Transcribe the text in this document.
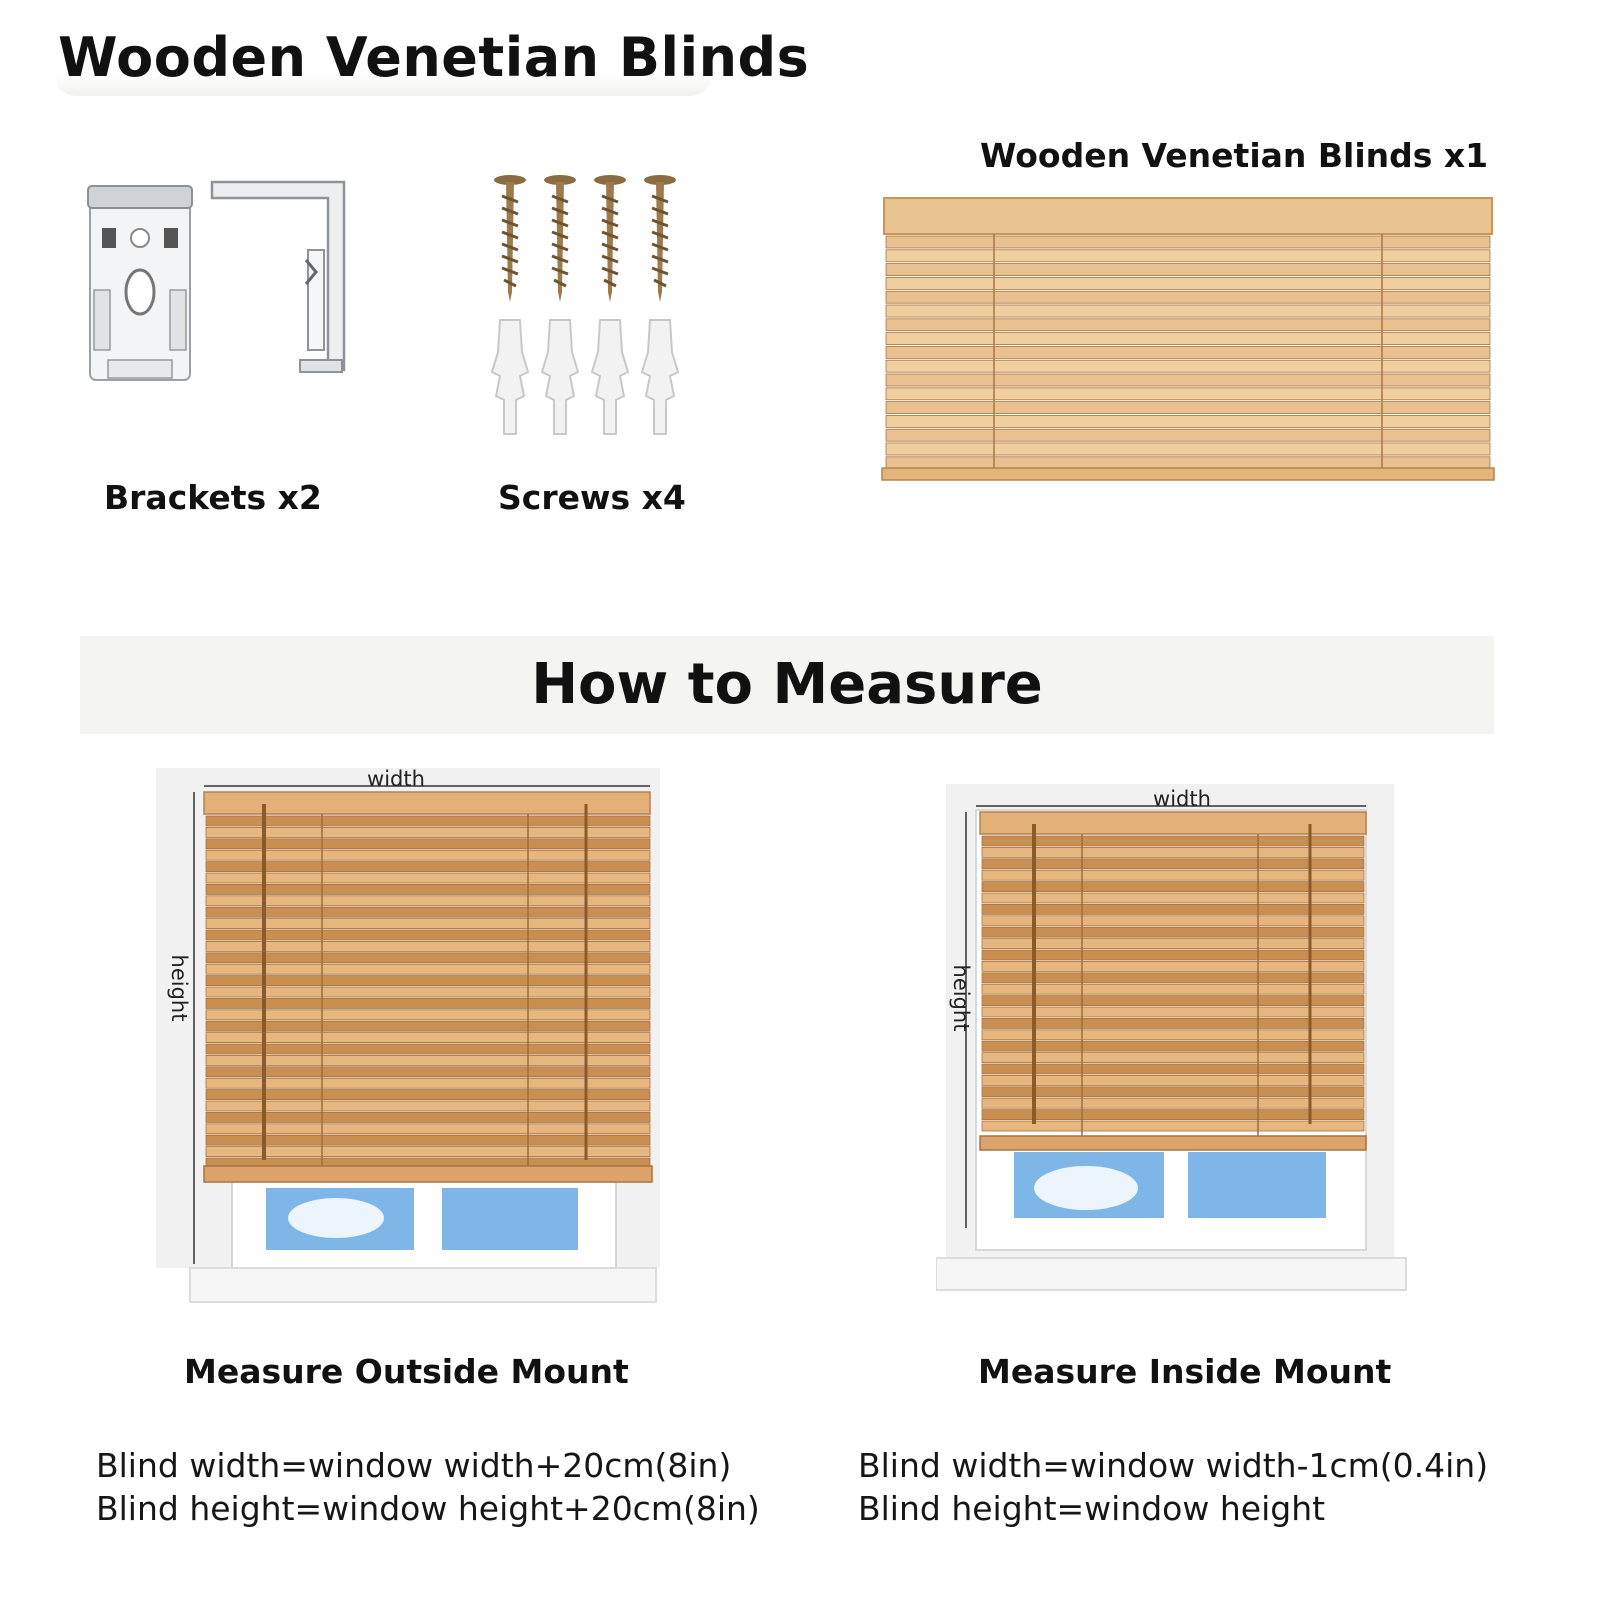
Wooden Venetian Blinds
Brackets x2	Screws x4
Wooden Venetian Blinds x1
How to Measure
width
height
width
height
Measure Outside Mount	Measure Inside Mount
Blind width=window width+20cm(8in)
Blind height=window height+20cm(8in)
Blind width=window width-1cm(0.4in)
Blind height=window height
